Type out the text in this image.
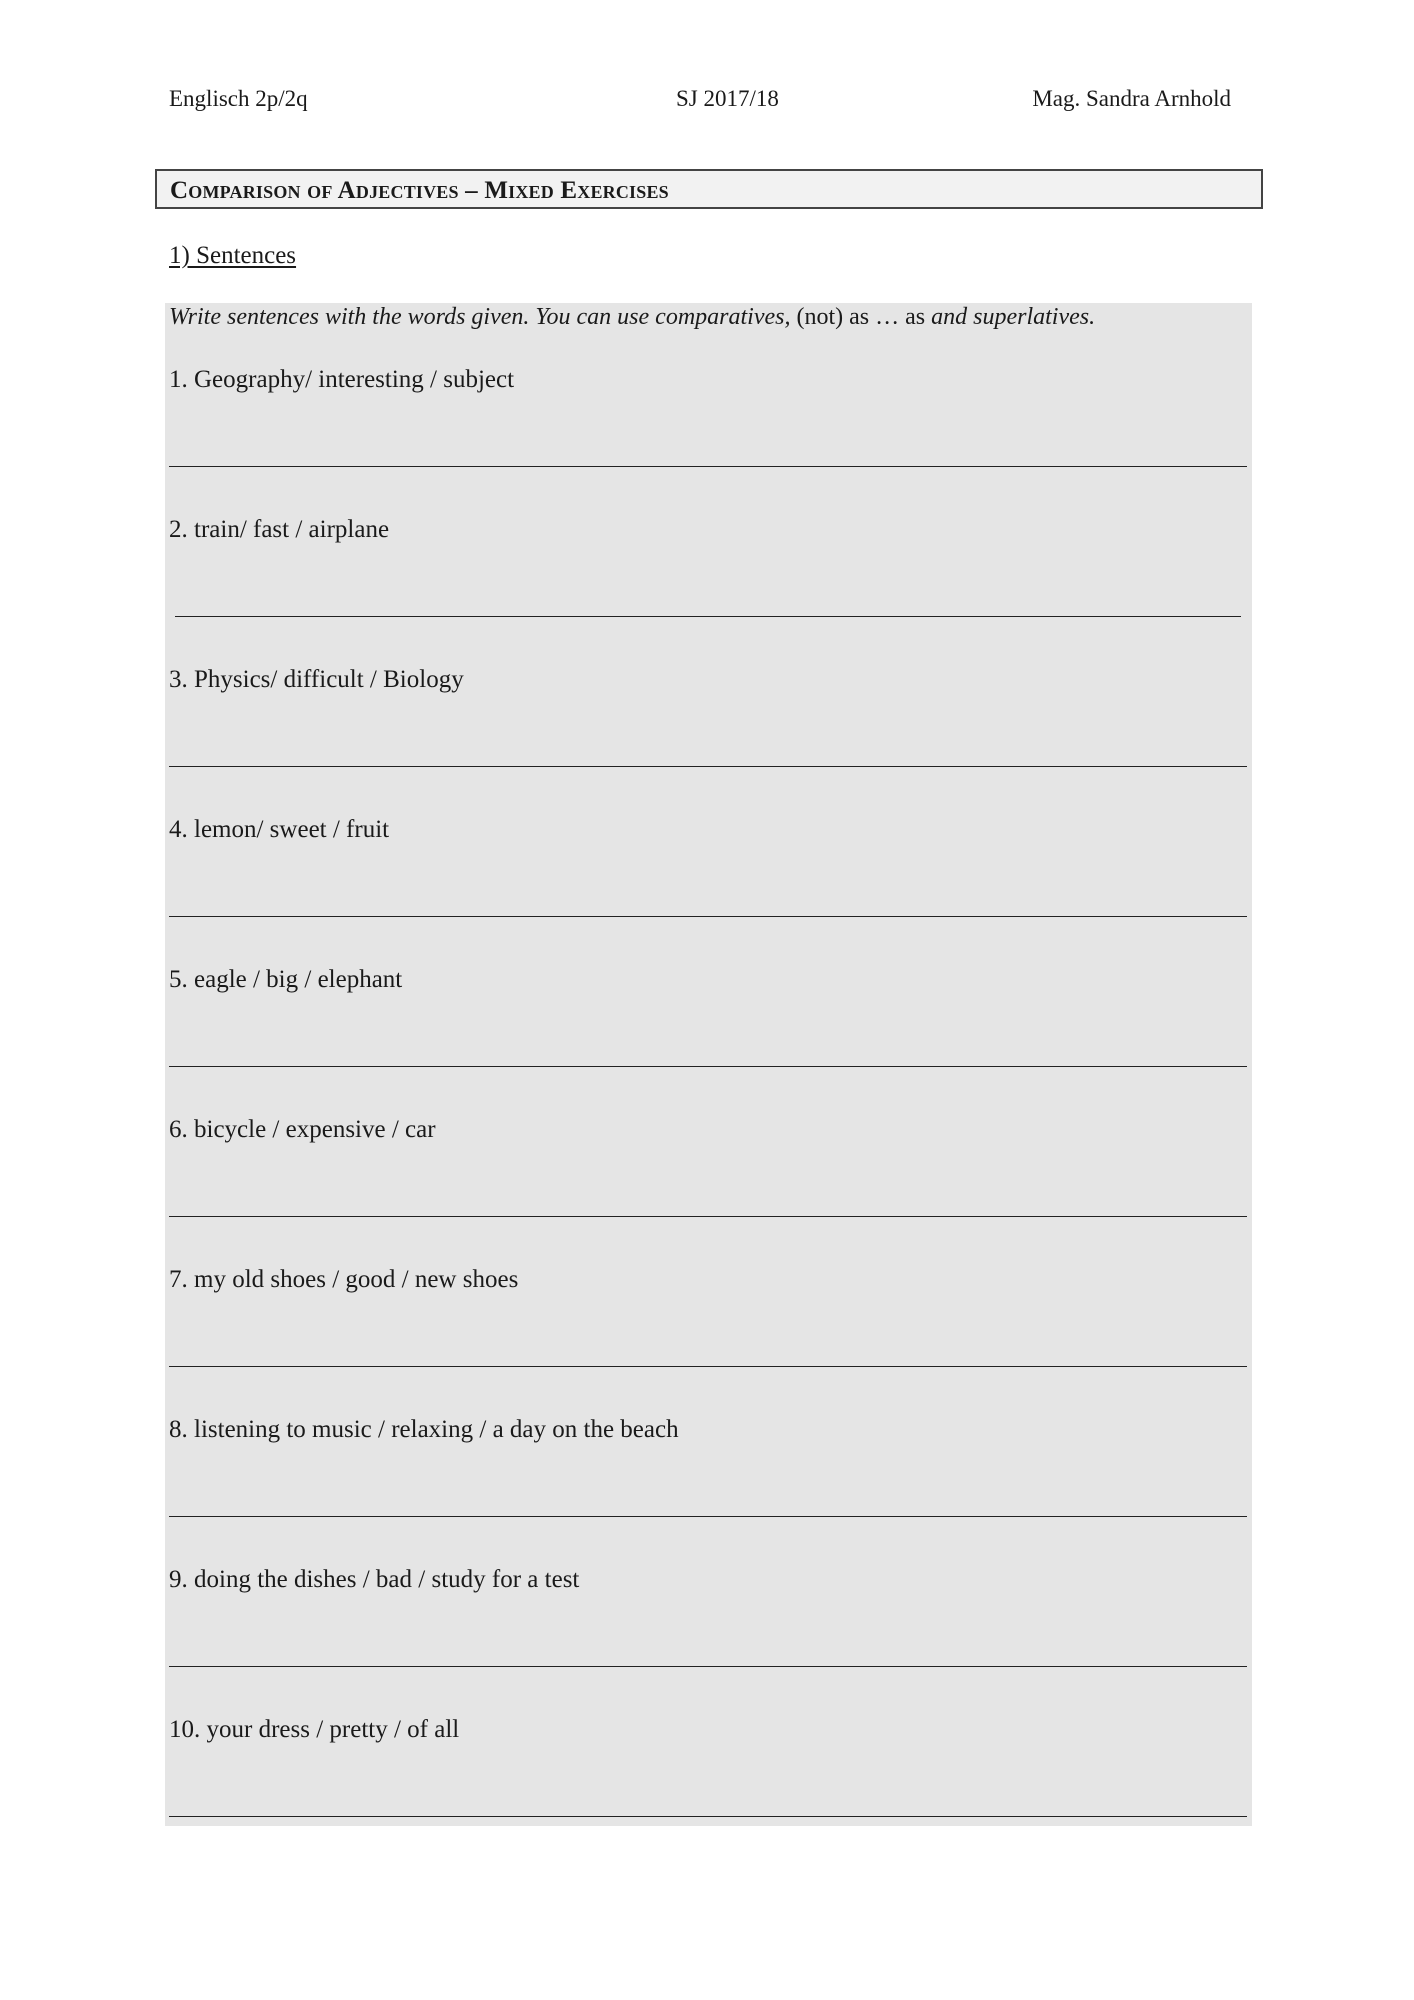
Englisch 2p/2q	SJ 2017/18	Mag. Sandra Arnhold
Comparison of Adjectives – Mixed Exercises
1) Sentences
Write sentences with the words given. You can use comparatives, (not) as … as and superlatives.
1. Geography/ interesting / subject
2. train/ fast / airplane
3. Physics/ difficult / Biology
4. lemon/ sweet / fruit
5. eagle / big / elephant
6. bicycle / expensive / car
7. my old shoes / good / new shoes
8. listening to music / relaxing / a day on the beach
9. doing the dishes / bad / study for a test
10. your dress / pretty / of all
